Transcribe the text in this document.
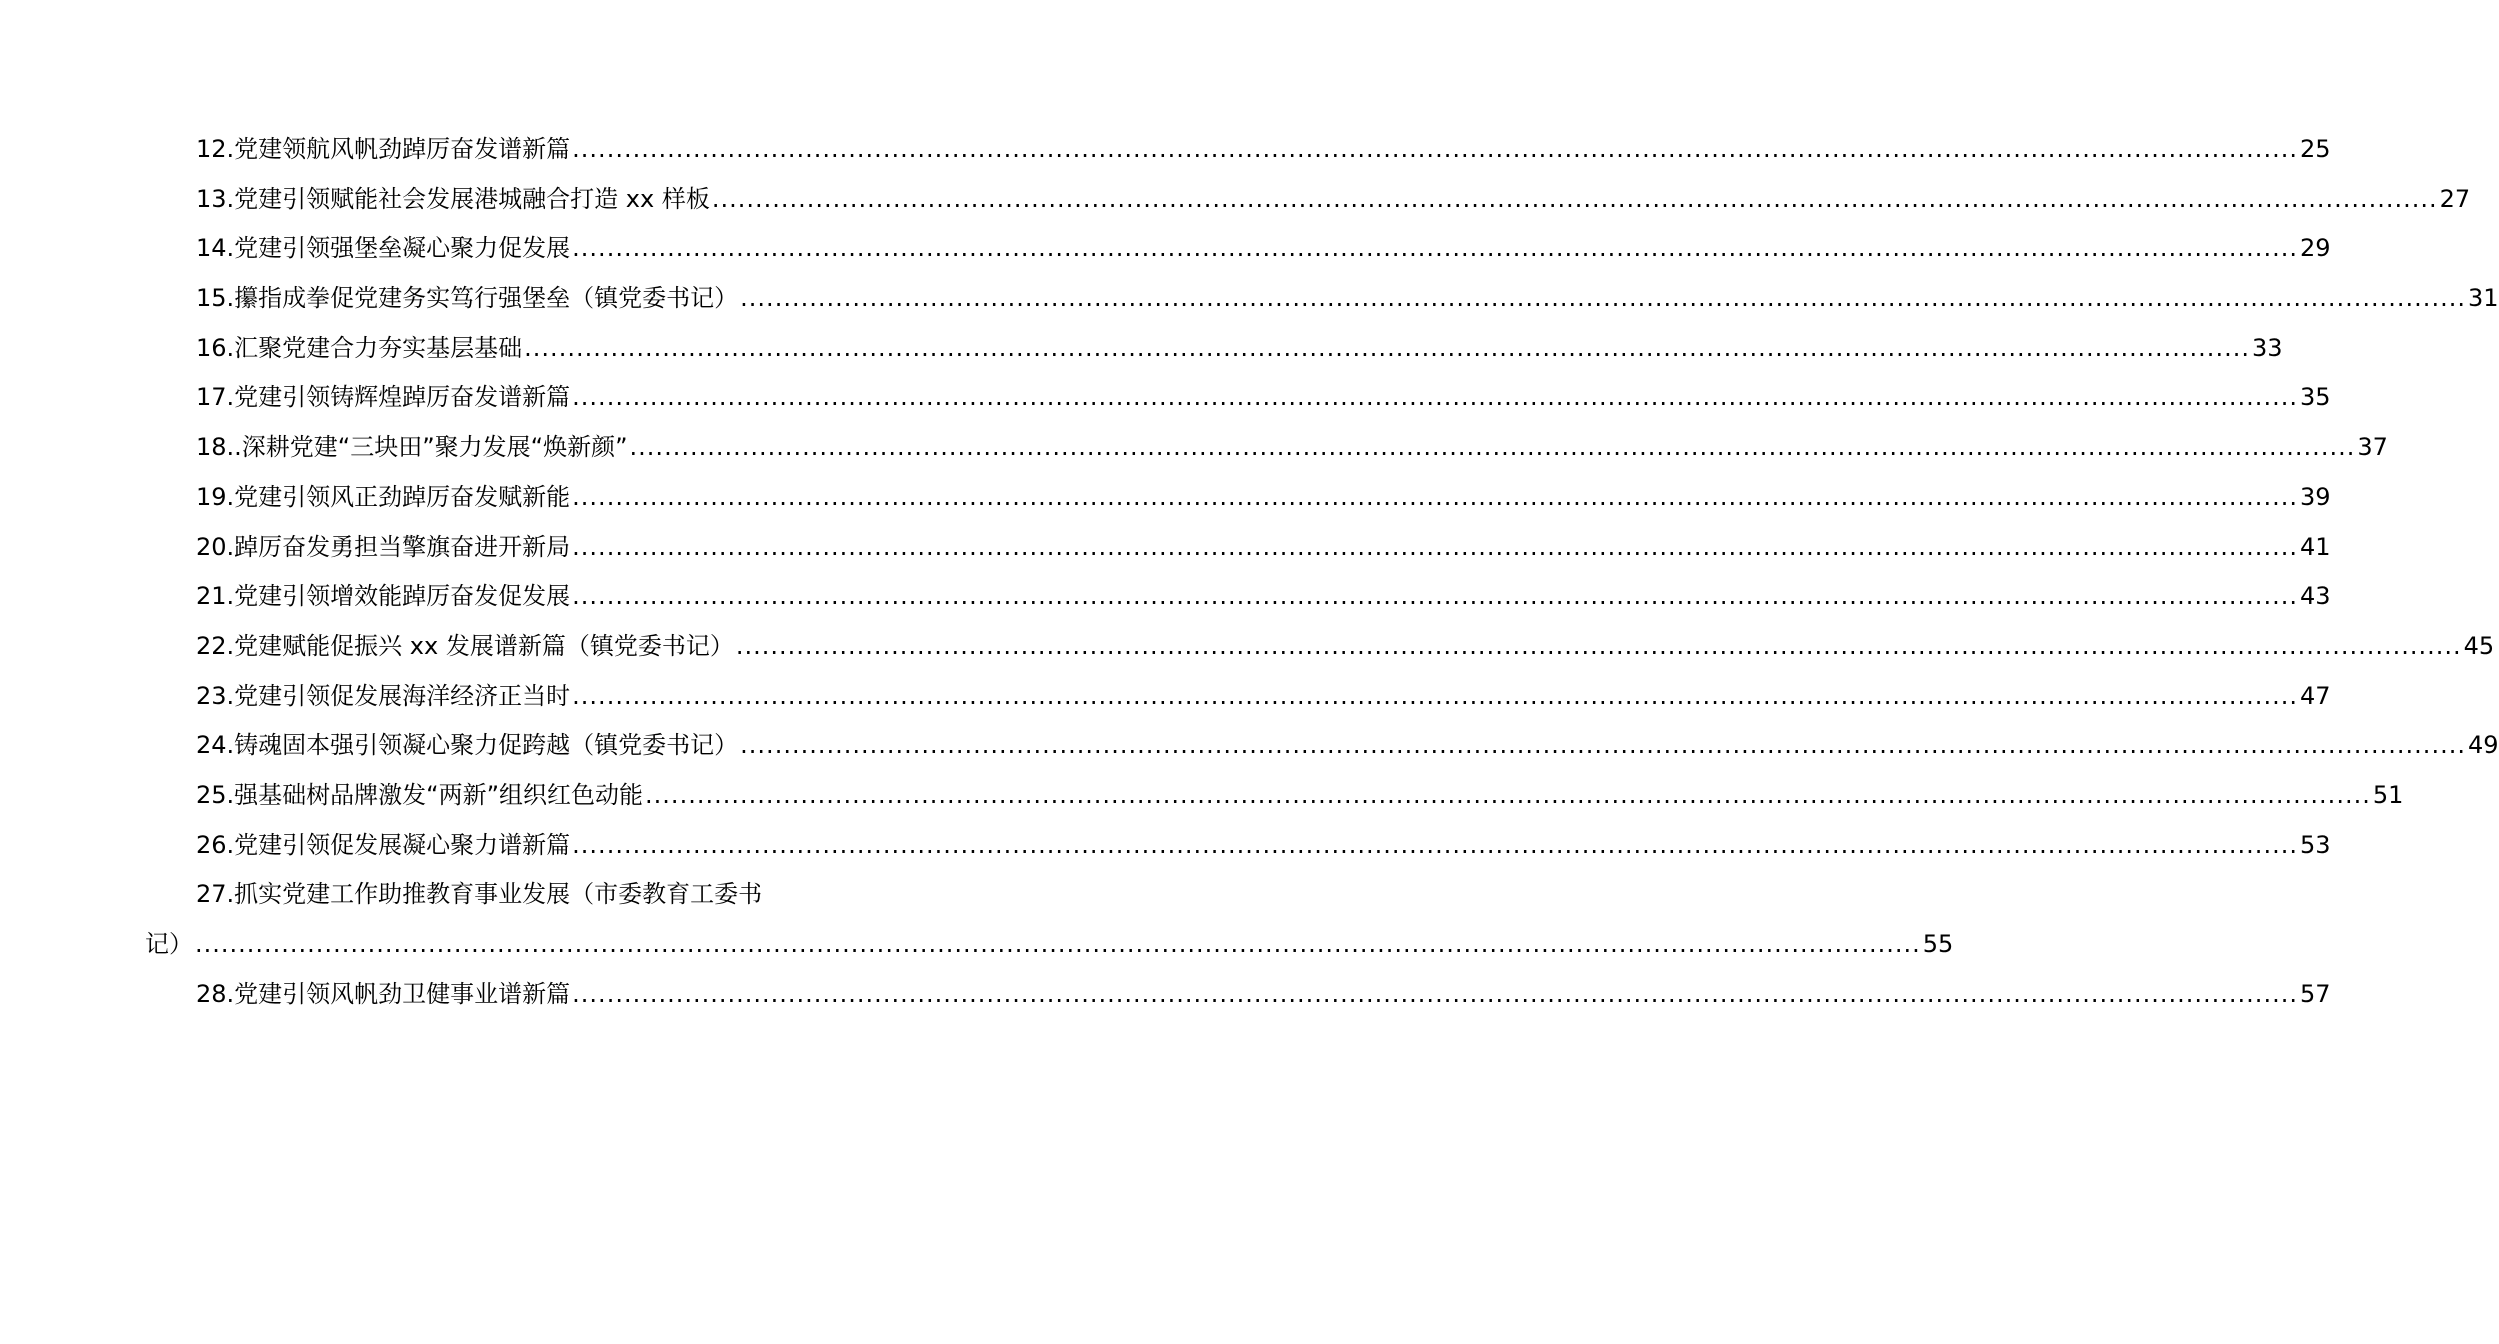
12.党建领航风帆劲踔厉奋发谱新篇 ........................................................................................................................................................................................................ 25
13.党建引领赋能社会发展港城融合打造 xx 样板 ........................................................................................................................................................................................................ 27
14.党建引领强堡垒凝心聚力促发展 ........................................................................................................................................................................................................ 29
15.攥指成拳促党建务实笃行强堡垒（镇党委书记） ........................................................................................................................................................................................................ 31
16.汇聚党建合力夯实基层基础 ........................................................................................................................................................................................................ 33
17.党建引领铸辉煌踔厉奋发谱新篇 ........................................................................................................................................................................................................ 35
18..深耕党建“三块田”聚力发展“焕新颜” ........................................................................................................................................................................................................ 37
19.党建引领风正劲踔厉奋发赋新能 ........................................................................................................................................................................................................ 39
20.踔厉奋发勇担当擎旗奋进开新局 ........................................................................................................................................................................................................ 41
21.党建引领增效能踔厉奋发促发展 ........................................................................................................................................................................................................ 43
22.党建赋能促振兴 xx 发展谱新篇（镇党委书记） ........................................................................................................................................................................................................ 45
23.党建引领促发展海洋经济正当时 ........................................................................................................................................................................................................ 47
24.铸魂固本强引领凝心聚力促跨越（镇党委书记） ........................................................................................................................................................................................................ 49
25.强基础树品牌激发“两新”组织红色动能 ........................................................................................................................................................................................................ 51
26.党建引领促发展凝心聚力谱新篇 ........................................................................................................................................................................................................ 53
27.抓实党建工作助推教育事业发展（市委教育工委书
记） ........................................................................................................................................................................................................ 55
28.党建引领风帆劲卫健事业谱新篇 ........................................................................................................................................................................................................ 57
